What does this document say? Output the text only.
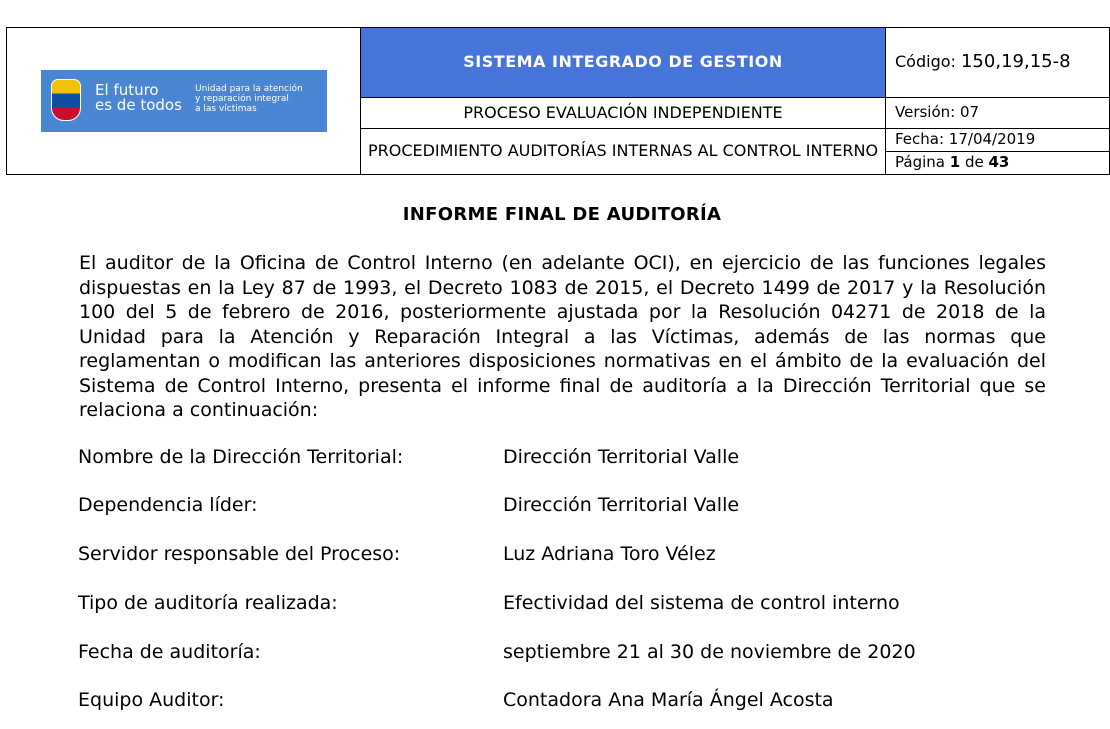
El futuro
es de todos
Unidad para la atención
y reparación integral
a las víctimas	SISTEMA INTEGRADO DE GESTION	Código: 150,19,15-8
	PROCESO EVALUACIÓN INDEPENDIENTE	Versión: 07
	PROCEDIMIENTO AUDITORÍAS INTERNAS AL CONTROL INTERNO	Fecha: 17/04/2019
		Página 1 de 43
INFORME FINAL DE AUDITORÍA

El auditor de la Oficina de Control Interno (en adelante OCI), en ejercicio de las funciones legales dispuestas en la Ley 87 de 1993, el Decreto 1083 de 2015, el Decreto 1499 de 2017 y la Resolución 100 del 5 de febrero de 2016, posteriormente ajustada por la Resolución 04271 de 2018 de la Unidad para la Atención y Reparación Integral a las Víctimas, además de las normas que reglamentan o modifican las anteriores disposiciones normativas en el ámbito de la evaluación del Sistema de Control Interno, presenta el informe final de auditoría a la Dirección Territorial que se relaciona a continuación:

Nombre de la Dirección Territorial:	Dirección Territorial Valle
Dependencia líder:	Dirección Territorial Valle
Servidor responsable del Proceso:	Luz Adriana Toro Vélez
Tipo de auditoría realizada:	Efectividad del sistema de control interno
Fecha de auditoría:	septiembre 21 al 30 de noviembre de 2020
Equipo Auditor:	Contadora Ana María Ángel Acosta
